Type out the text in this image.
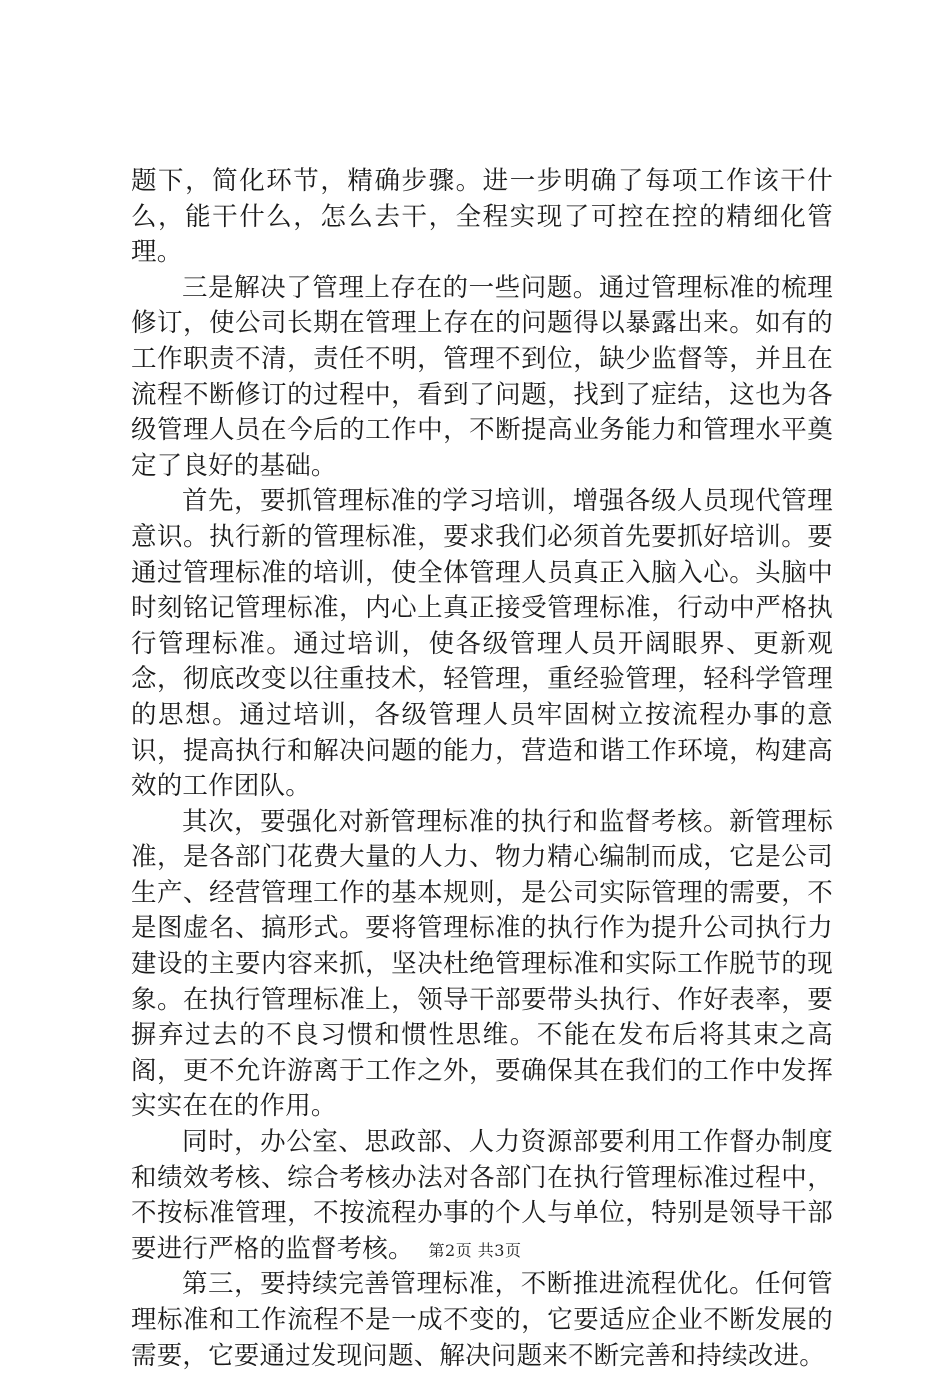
题下，简化环节，精确步骤。进一步明确了每项工作该干什么，能干什么，怎么去干，全程实现了可控在控的精细化管理。

三是解决了管理上存在的一些问题。通过管理标准的梳理修订，使公司长期在管理上存在的问题得以暴露出来。如有的工作职责不清，责任不明，管理不到位，缺少监督等，并且在流程不断修订的过程中，看到了问题，找到了症结，这也为各级管理人员在今后的工作中，不断提高业务能力和管理水平奠定了良好的基础。

首先，要抓管理标准的学习培训，增强各级人员现代管理意识。执行新的管理标准，要求我们必须首先要抓好培训。要通过管理标准的培训，使全体管理人员真正入脑入心。头脑中时刻铭记管理标准，内心上真正接受管理标准，行动中严格执行管理标准。通过培训，使各级管理人员开阔眼界、更新观念，彻底改变以往重技术，轻管理，重经验管理，轻科学管理的思想。通过培训，各级管理人员牢固树立按流程办事的意识，提高执行和解决问题的能力，营造和谐工作环境，构建高效的工作团队。

其次，要强化对新管理标准的执行和监督考核。新管理标准，是各部门花费大量的人力、物力精心编制而成，它是公司生产、经营管理工作的基本规则，是公司实际管理的需要，不是图虚名、搞形式。要将管理标准的执行作为提升公司执行力建设的主要内容来抓，坚决杜绝管理标准和实际工作脱节的现象。在执行管理标准上，领导干部要带头执行、作好表率，要摒弃过去的不良习惯和惯性思维。不能在发布后将其束之高阁，更不允许游离于工作之外，要确保其在我们的工作中发挥实实在在的作用。

同时，办公室、思政部、人力资源部要利用工作督办制度和绩效考核、综合考核办法对各部门在执行管理标准过程中，不按标准管理，不按流程办事的个人与单位，特别是领导干部要进行严格的监督考核。

第三，要持续完善管理标准，不断推进流程优化。任何管理标准和工作流程不是一成不变的，它要适应企业不断发展的需要，它要通过发现问题、解决问题来不断完善和持续改进。

第2页 共3页
